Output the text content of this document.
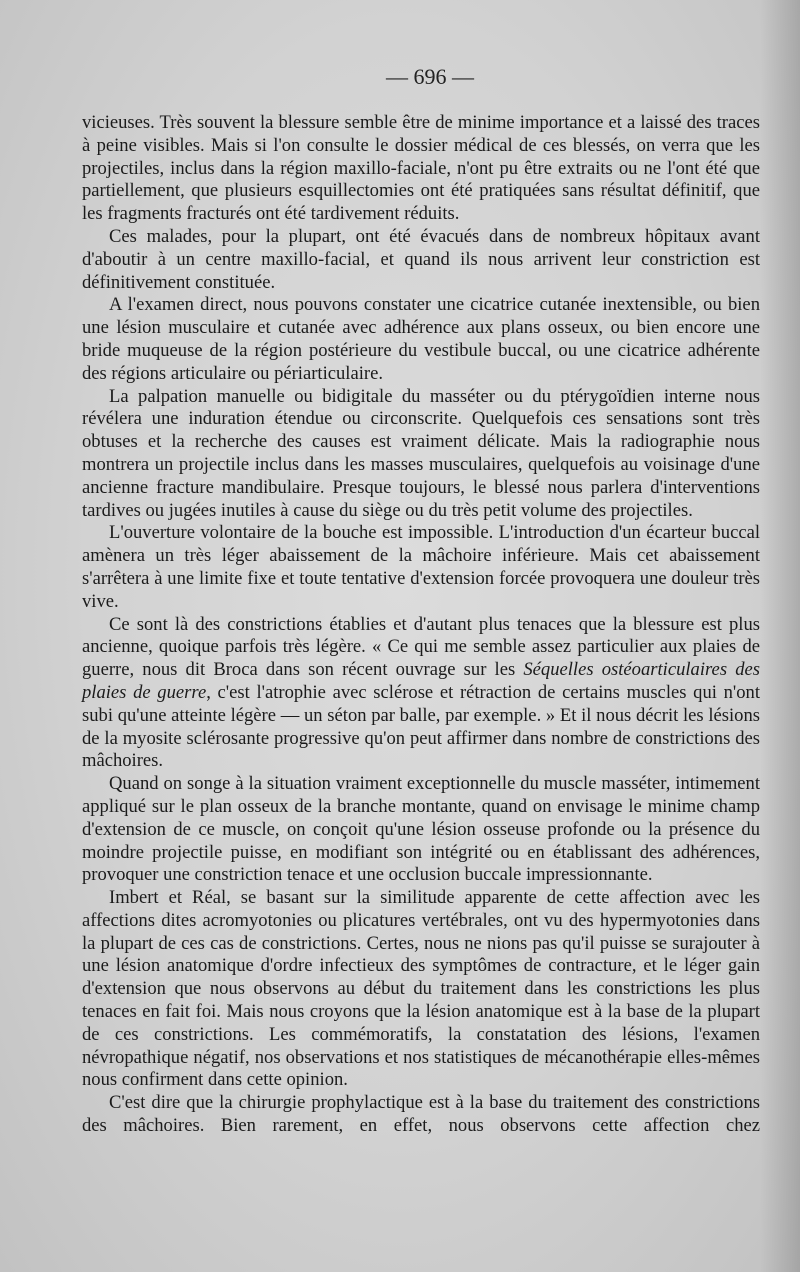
— 696 —

vicieuses. Très souvent la blessure semble être de minime importance et a laissé des traces à peine visibles. Mais si l'on consulte le dossier médical de ces blessés, on verra que les projectiles, inclus dans la région maxillo-faciale, n'ont pu être extraits ou ne l'ont été que partiellement, que plusieurs esquillectomies ont été pratiquées sans résultat définitif, que les fragments fracturés ont été tardivement réduits.

Ces malades, pour la plupart, ont été évacués dans de nombreux hôpitaux avant d'aboutir à un centre maxillo-facial, et quand ils nous arrivent leur constriction est définitivement constituée.

A l'examen direct, nous pouvons constater une cicatrice cutanée inextensible, ou bien une lésion musculaire et cutanée avec adhérence aux plans osseux, ou bien encore une bride muqueuse de la région postérieure du vestibule buccal, ou une cicatrice adhérente des régions articulaire ou périarticulaire.

La palpation manuelle ou bidigitale du masséter ou du ptérygoïdien interne nous révélera une induration étendue ou circonscrite. Quelquefois ces sensations sont très obtuses et la recherche des causes est vraiment délicate. Mais la radiographie nous montrera un projectile inclus dans les masses musculaires, quelquefois au voisinage d'une ancienne fracture mandibulaire. Presque toujours, le blessé nous parlera d'interventions tardives ou jugées inutiles à cause du siège ou du très petit volume des projectiles.

L'ouverture volontaire de la bouche est impossible. L'introduction d'un écarteur buccal amènera un très léger abaissement de la mâchoire inférieure. Mais cet abaissement s'arrêtera à une limite fixe et toute tentative d'extension forcée provoquera une douleur très vive.

Ce sont là des constrictions établies et d'autant plus tenaces que la blessure est plus ancienne, quoique parfois très légère. « Ce qui me semble assez particulier aux plaies de guerre, nous dit Broca dans son récent ouvrage sur les Séquelles ostéoarticulaires des plaies de guerre, c'est l'atrophie avec sclérose et rétraction de certains muscles qui n'ont subi qu'une atteinte légère — un séton par balle, par exemple. » Et il nous décrit les lésions de la myosite sclérosante progressive qu'on peut affirmer dans nombre de constrictions des mâchoires.

Quand on songe à la situation vraiment exceptionnelle du muscle masséter, intimement appliqué sur le plan osseux de la branche montante, quand on envisage le minime champ d'extension de ce muscle, on conçoit qu'une lésion osseuse profonde ou la présence du moindre projectile puisse, en modifiant son intégrité ou en établissant des adhérences, provoquer une constriction tenace et une occlusion buccale impressionnante.

Imbert et Réal, se basant sur la similitude apparente de cette affection avec les affections dites acromyotonies ou plicatures vertébrales, ont vu des hypermyotonies dans la plupart de ces cas de constrictions. Certes, nous ne nions pas qu'il puisse se surajouter à une lésion anatomique d'ordre infectieux des symptômes de contracture, et le léger gain d'extension que nous observons au début du traitement dans les constrictions les plus tenaces en fait foi. Mais nous croyons que la lésion anatomique est à la base de la plupart de ces constrictions. Les commémoratifs, la constatation des lésions, l'examen névropathique négatif, nos observations et nos statistiques de mécanothérapie elles-mêmes nous confirment dans cette opinion.

C'est dire que la chirurgie prophylactique est à la base du traitement des constrictions des mâchoires. Bien rarement, en effet, nous observons cette affection chez
